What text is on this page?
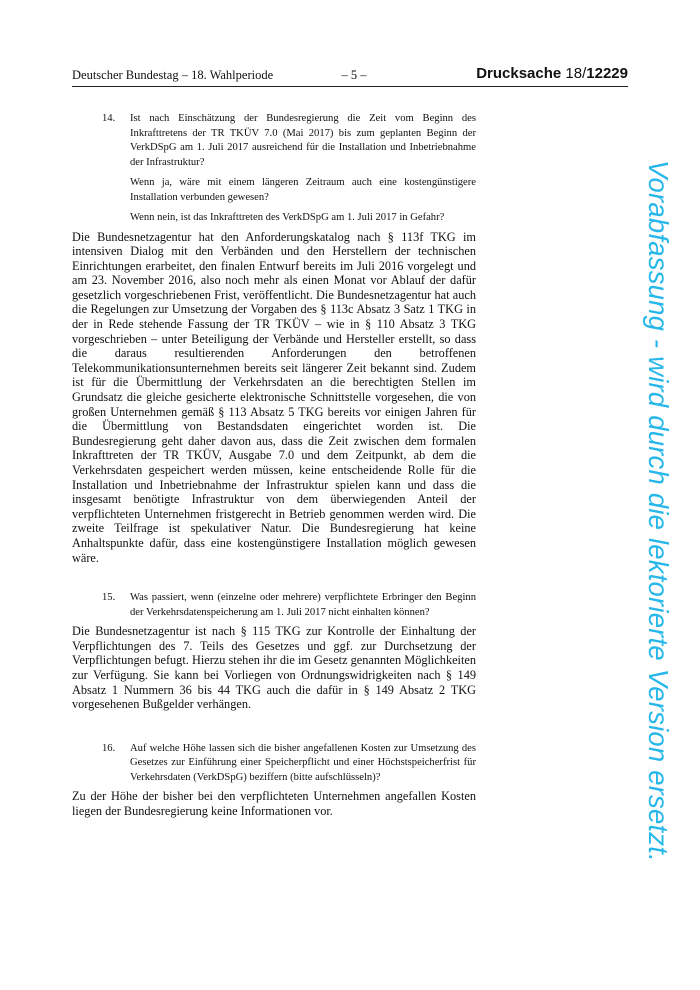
Deutscher Bundestag – 18. Wahlperiode	– 5 –	Drucksache 18/12229
14. Ist nach Einschätzung der Bundesregierung die Zeit vom Beginn des Inkrafttretens der TR TKÜV 7.0 (Mai 2017) bis zum geplanten Beginn der VerkDSpG am 1. Juli 2017 ausreichend für die Installation und Inbetriebnahme der Infrastruktur?

Wenn ja, wäre mit einem längeren Zeitraum auch eine kostengünstigere Installation verbunden gewesen?

Wenn nein, ist das Inkrafttreten des VerkDSpG am 1. Juli 2017 in Gefahr?

Die Bundesnetzagentur hat den Anforderungskatalog nach § 113f TKG im intensiven Dialog mit den Verbänden und den Herstellern der technischen Einrichtungen erarbeitet, den finalen Entwurf bereits im Juli 2016 vorgelegt und am 23. November 2016, also noch mehr als einen Monat vor Ablauf der dafür gesetzlich vorgeschriebenen Frist, veröffentlicht. Die Bundesnetzagentur hat auch die Regelungen zur Umsetzung der Vorgaben des § 113c Absatz 3 Satz 1 TKG in der in Rede stehende Fassung der TR TKÜV – wie in § 110 Absatz 3 TKG vorgeschrieben – unter Beteiligung der Verbände und Hersteller erstellt, so dass die daraus resultierenden Anforderungen den betroffenen Telekommunikationsunternehmen bereits seit längerer Zeit bekannt sind. Zudem ist für die Übermittlung der Verkehrsdaten an die berechtigten Stellen im Grundsatz die gleiche gesicherte elektronische Schnittstelle vorgesehen, die von großen Unternehmen gemäß § 113 Absatz 5 TKG bereits vor einigen Jahren für die Übermittlung von Bestandsdaten eingerichtet worden ist. Die Bundesregierung geht daher davon aus, dass die Zeit zwischen dem formalen Inkrafttreten der TR TKÜV, Ausgabe 7.0 und dem Zeitpunkt, ab dem die Verkehrsdaten gespeichert werden müssen, keine entscheidende Rolle für die Installation und Inbetriebnahme der Infrastruktur spielen kann und dass die insgesamt benötigte Infrastruktur von dem überwiegenden Anteil der verpflichteten Unternehmen fristgerecht in Betrieb genommen werden wird. Die zweite Teilfrage ist spekulativer Natur. Die Bundesregierung hat keine Anhaltspunkte dafür, dass eine kostengünstigere Installation möglich gewesen wäre.

15. Was passiert, wenn (einzelne oder mehrere) verpflichtete Erbringer den Beginn der Verkehrsdatenspeicherung am 1. Juli 2017 nicht einhalten können?

Die Bundesnetzagentur ist nach § 115 TKG zur Kontrolle der Einhaltung der Verpflichtungen des 7. Teils des Gesetzes und ggf. zur Durchsetzung der Verpflichtungen befugt. Hierzu stehen ihr die im Gesetz genannten Möglichkeiten zur Verfügung. Sie kann bei Vorliegen von Ordnungswidrigkeiten nach § 149 Absatz 1 Nummern 36 bis 44 TKG auch die dafür in § 149 Absatz 2 TKG vorgesehenen Bußgelder verhängen.

16. Auf welche Höhe lassen sich die bisher angefallenen Kosten zur Umsetzung des Gesetzes zur Einführung einer Speicherpflicht und einer Höchstspeicherfrist für Verkehrsdaten (VerkDSpG) beziffern (bitte aufschlüsseln)?

Zu der Höhe der bisher bei den verpflichteten Unternehmen angefallen Kosten liegen der Bundesregierung keine Informationen vor.	Vorabfassung - wird durch die lektorierte Version ersetzt.
